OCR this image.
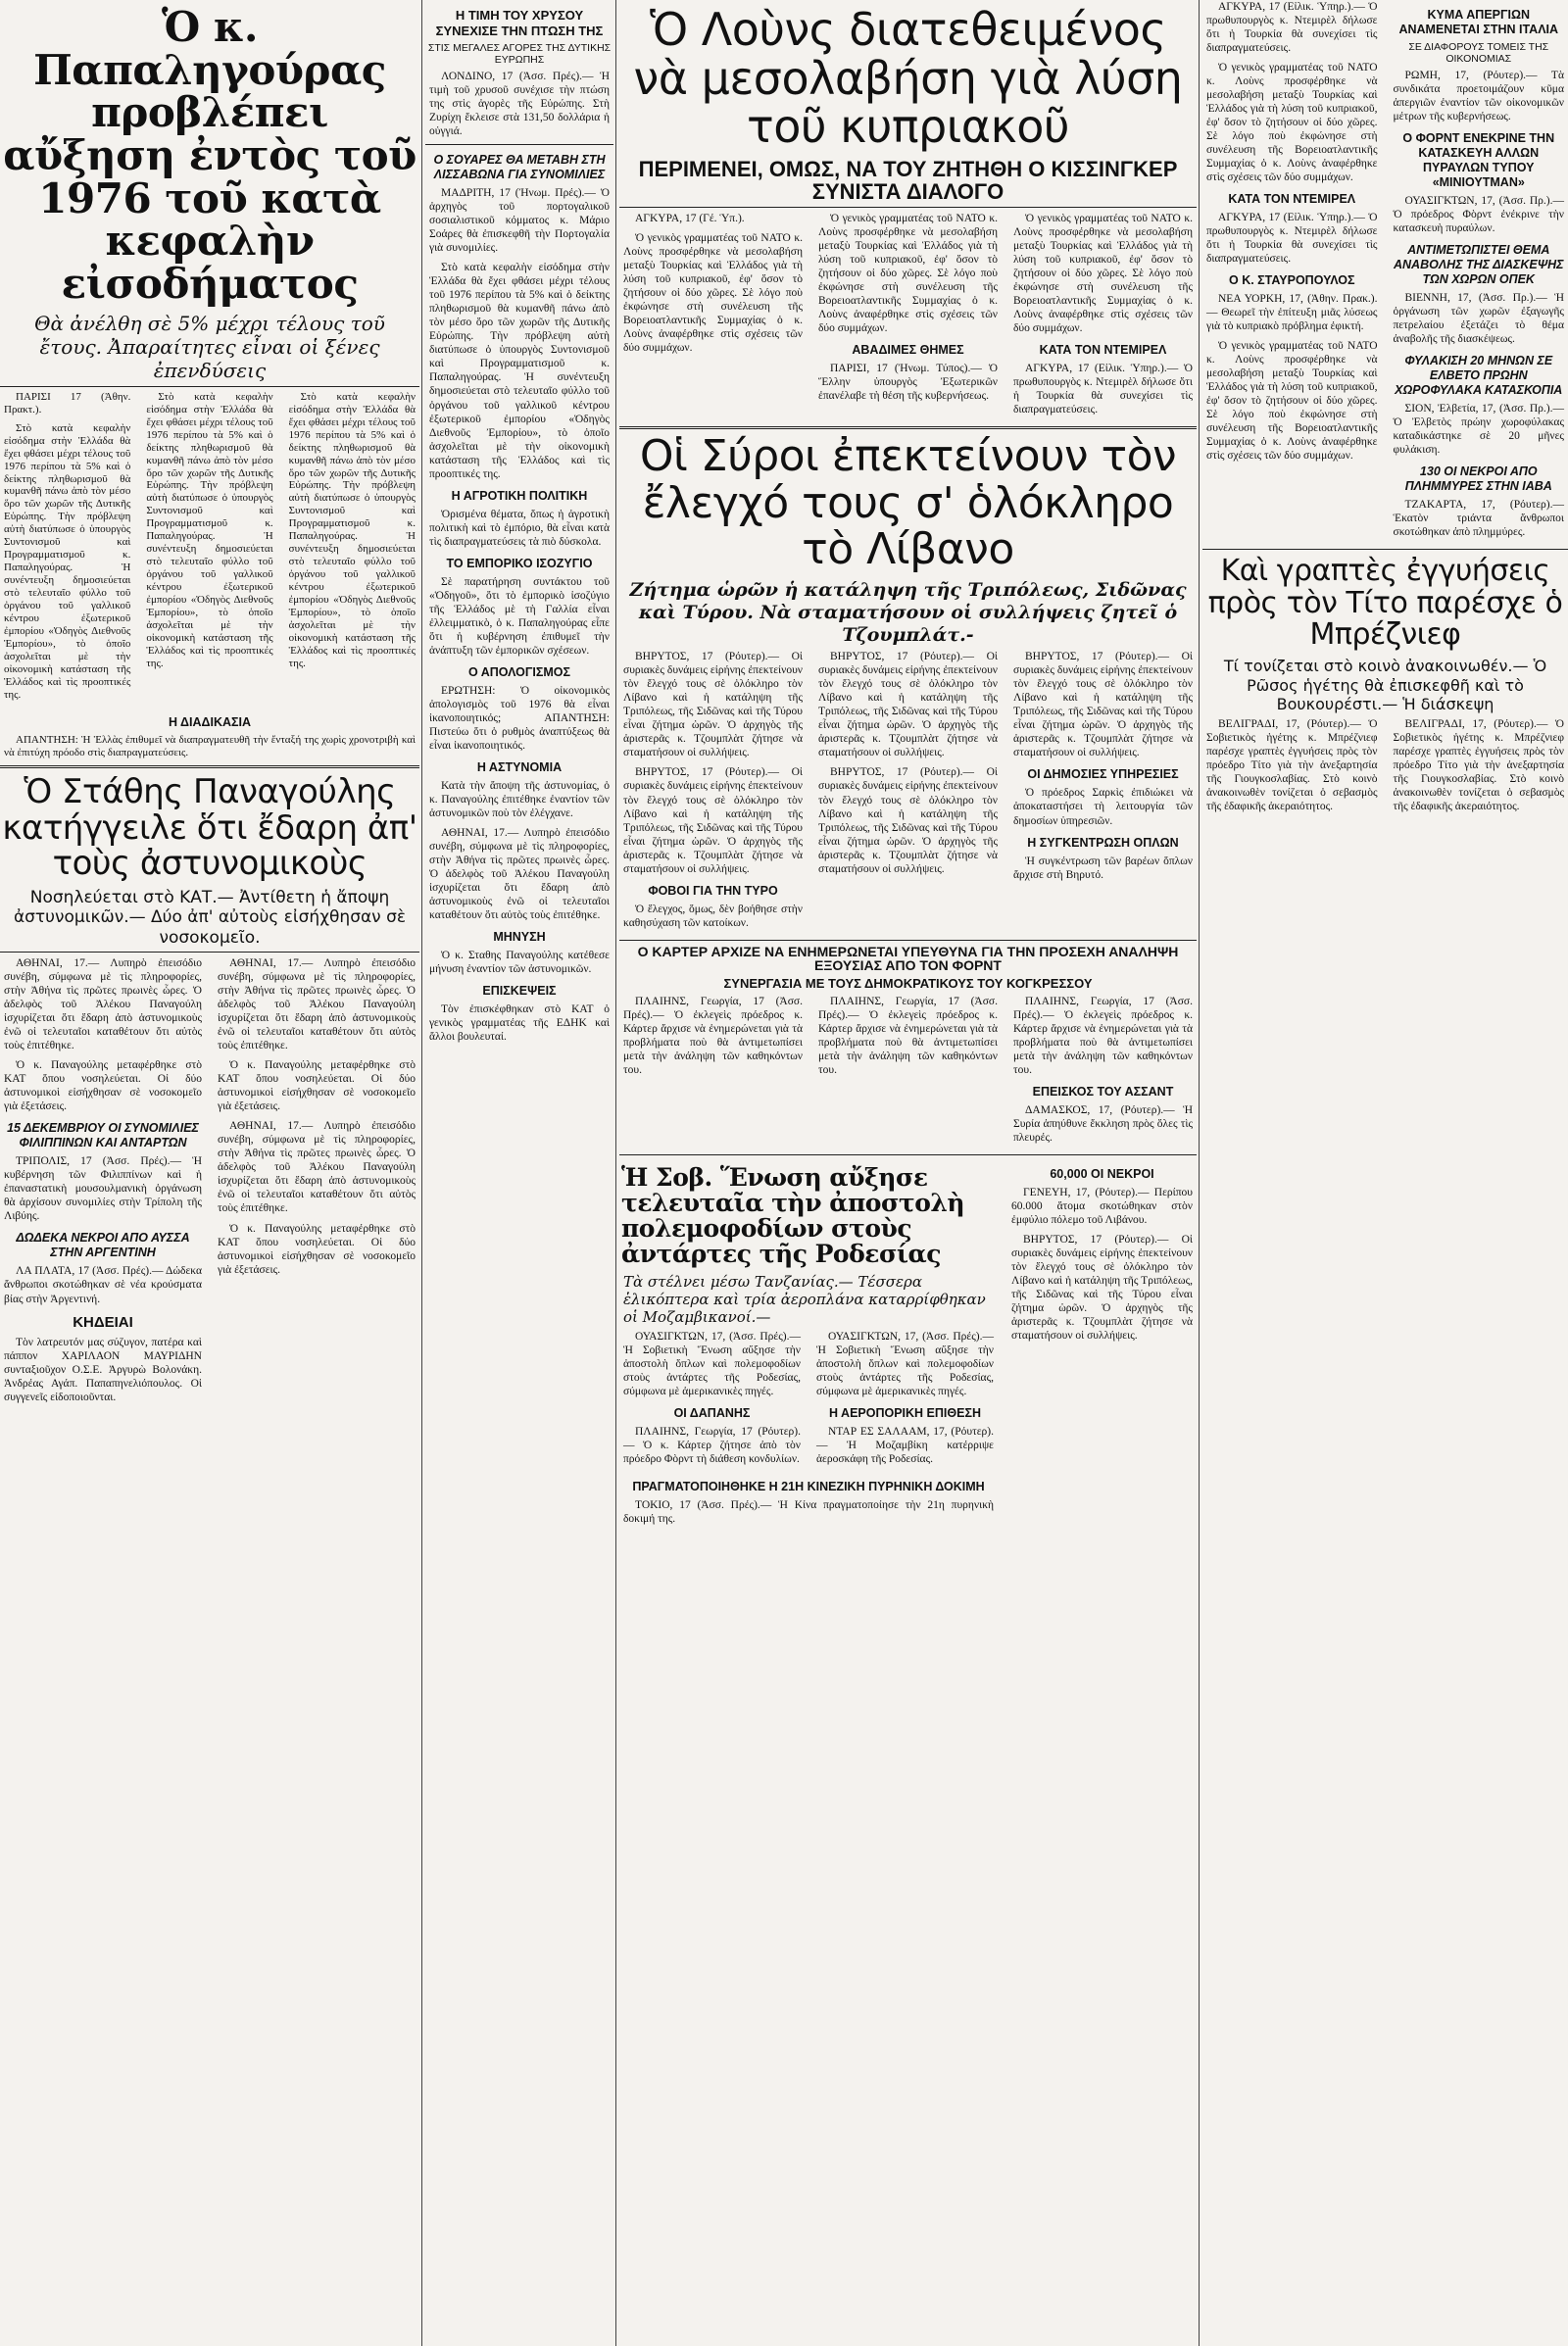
Ὁ κ. Παπαληγούρας προβλέπει αὔξηση ἐντὸς τοῦ 1976 τοῦ κατὰ κεφαλὴν εἰσοδήματος
Θὰ ἀνέλθη σὲ 5% μέχρι τέλους τοῦ ἔτους. Ἀπαραίτητες εἶναι οἱ ξένες ἐπενδύσεις

ΠΑΡΙΣΙ 17 (Ἀθην. Πρακτ.).

Στὸ κατὰ κεφαλὴν εἰσόδημα στὴν Ἑλλάδα θὰ ἔχει φθάσει μέχρι τέλους τοῦ 1976 περίπου τὰ 5% καὶ ὁ δείκτης πληθωρισμοῦ θὰ κυμανθῆ πάνω ἀπὸ τὸν μέσο ὅρο τῶν χωρῶν τῆς Δυτικῆς Εὐρώπης. Τὴν πρόβλεψη αὐτὴ διατύπωσε ὁ ὑπουργὸς Συντονισμοῦ καὶ Προγραμματισμοῦ κ. Παπαληγούρας. Ἡ συνέντευξη δημοσιεύεται στὸ τελευταῖο φύλλο τοῦ ὀργάνου τοῦ γαλλικοῦ κέντρου ἐξωτερικοῦ ἐμπορίου «Ὁδηγὸς Διεθνοῦς Ἐμπορίου», τὸ ὁποῖο ἀσχολεῖται μὲ τὴν οἰκονομικὴ κατάσταση τῆς Ἑλλάδος καὶ τὶς προοπτικές της.

Στὸ κατὰ κεφαλὴν εἰσόδημα στὴν Ἑλλάδα θὰ ἔχει φθάσει μέχρι τέλους τοῦ 1976 περίπου τὰ 5% καὶ ὁ δείκτης πληθωρισμοῦ θὰ κυμανθῆ πάνω ἀπὸ τὸν μέσο ὅρο τῶν χωρῶν τῆς Δυτικῆς Εὐρώπης. Τὴν πρόβλεψη αὐτὴ διατύπωσε ὁ ὑπουργὸς Συντονισμοῦ καὶ Προγραμματισμοῦ κ. Παπαληγούρας. Ἡ συνέντευξη δημοσιεύεται στὸ τελευταῖο φύλλο τοῦ ὀργάνου τοῦ γαλλικοῦ κέντρου ἐξωτερικοῦ ἐμπορίου «Ὁδηγὸς Διεθνοῦς Ἐμπορίου», τὸ ὁποῖο ἀσχολεῖται μὲ τὴν οἰκονομικὴ κατάσταση τῆς Ἑλλάδος καὶ τὶς προοπτικές της.

Στὸ κατὰ κεφαλὴν εἰσόδημα στὴν Ἑλλάδα θὰ ἔχει φθάσει μέχρι τέλους τοῦ 1976 περίπου τὰ 5% καὶ ὁ δείκτης πληθωρισμοῦ θὰ κυμανθῆ πάνω ἀπὸ τὸν μέσο ὅρο τῶν χωρῶν τῆς Δυτικῆς Εὐρώπης. Τὴν πρόβλεψη αὐτὴ διατύπωσε ὁ ὑπουργὸς Συντονισμοῦ καὶ Προγραμματισμοῦ κ. Παπαληγούρας. Ἡ συνέντευξη δημοσιεύεται στὸ τελευταῖο φύλλο τοῦ ὀργάνου τοῦ γαλλικοῦ κέντρου ἐξωτερικοῦ ἐμπορίου «Ὁδηγὸς Διεθνοῦς Ἐμπορίου», τὸ ὁποῖο ἀσχολεῖται μὲ τὴν οἰκονομικὴ κατάσταση τῆς Ἑλλάδος καὶ τὶς προοπτικές της.

Η ΔΙΑΔΙΚΑΣΙΑ

ΑΠΑΝΤΗΣΗ: Ἡ Ἑλλὰς ἐπιθυμεῖ νὰ διαπραγματευθῆ τὴν ἔνταξή της χωρὶς χρονοτριβὴ καὶ νὰ ἐπιτύχη πρόοδο στὶς διαπραγματεύσεις.

Ὁ Στάθης Παναγούλης κατήγγειλε ὅτι ἔδαρη ἀπ' τοὺς ἀστυνομικοὺς
Νοσηλεύεται στὸ ΚΑΤ.— Ἀντίθετη ἡ ἄποψη ἀστυνομικῶν.— Δύο ἀπ' αὐτοὺς εἰσήχθησαν σὲ νοσοκομεῖο.

ΑΘΗΝΑΙ, 17.— Λυπηρὸ ἐπεισόδιο συνέβη, σύμφωνα μὲ τὶς πληροφορίες, στὴν Ἀθήνα τὶς πρῶτες πρωινὲς ὧρες. Ὁ ἀδελφὸς τοῦ Ἀλέκου Παναγούλη ἰσχυρίζεται ὅτι ἔδαρη ἀπὸ ἀστυνομικοὺς ἐνῶ οἱ τελευταῖοι καταθέτουν ὅτι αὐτὸς τοὺς ἐπιτέθηκε.

Ὁ κ. Παναγούλης μεταφέρθηκε στὸ ΚΑΤ ὅπου νοσηλεύεται. Οἱ δύο ἀστυνομικοὶ εἰσήχθησαν σὲ νοσοκομεῖο γιὰ ἐξετάσεις.

15 ΔΕΚΕΜΒΡΙΟΥ ΟΙ ΣΥΝΟΜΙΛΙΕΣ ΦΙΛΙΠΠΙΝΩΝ ΚΑΙ ΑΝΤΑΡΤΩΝ

ΤΡΙΠΟΛΙΣ, 17 (Ἀσσ. Πρές).— Ἡ κυβέρνηση τῶν Φιλιππίνων καὶ ἡ ἐπαναστατικὴ μουσουλμανικὴ ὀργάνωση θὰ ἀρχίσουν συνομιλίες στὴν Τρίπολη τῆς Λιβύης.

ΔΩΔΕΚΑ ΝΕΚΡΟΙ ΑΠΟ ΑΥΣΣΑ ΣΤΗΝ ΑΡΓΕΝΤΙΝΗ

ΛΑ ΠΛΑΤΑ, 17 (Ἀσσ. Πρές).— Δώδεκα ἄνθρωποι σκοτώθηκαν σὲ νέα κρούσματα βίας στὴν Ἀργεντινή.

ΚΗΔΕΙΑΙ

Τὸν λατρευτόν μας σύζυγον, πατέρα καὶ πάππον ΧΑΡΙΛΑΟΝ ΜΑΥΡΙΔΗΝ συνταξιοῦχον Ο.Σ.Ε. Ἀργυρὼ Βολονάκη. Ἀνδρέας Αγάπ. Παπαπηνελιόπουλος. Οἱ συγγενεῖς εἰδοποιοῦνται.

ΑΘΗΝΑΙ, 17.— Λυπηρὸ ἐπεισόδιο συνέβη, σύμφωνα μὲ τὶς πληροφορίες, στὴν Ἀθήνα τὶς πρῶτες πρωινὲς ὧρες. Ὁ ἀδελφὸς τοῦ Ἀλέκου Παναγούλη ἰσχυρίζεται ὅτι ἔδαρη ἀπὸ ἀστυνομικοὺς ἐνῶ οἱ τελευταῖοι καταθέτουν ὅτι αὐτὸς τοὺς ἐπιτέθηκε.

Ὁ κ. Παναγούλης μεταφέρθηκε στὸ ΚΑΤ ὅπου νοσηλεύεται. Οἱ δύο ἀστυνομικοὶ εἰσήχθησαν σὲ νοσοκομεῖο γιὰ ἐξετάσεις.

ΑΘΗΝΑΙ, 17.— Λυπηρὸ ἐπεισόδιο συνέβη, σύμφωνα μὲ τὶς πληροφορίες, στὴν Ἀθήνα τὶς πρῶτες πρωινὲς ὧρες. Ὁ ἀδελφὸς τοῦ Ἀλέκου Παναγούλη ἰσχυρίζεται ὅτι ἔδαρη ἀπὸ ἀστυνομικοὺς ἐνῶ οἱ τελευταῖοι καταθέτουν ὅτι αὐτὸς τοὺς ἐπιτέθηκε.

Ὁ κ. Παναγούλης μεταφέρθηκε στὸ ΚΑΤ ὅπου νοσηλεύεται. Οἱ δύο ἀστυνομικοὶ εἰσήχθησαν σὲ νοσοκομεῖο γιὰ ἐξετάσεις.

Η ΤΙΜΗ ΤΟΥ ΧΡΥΣΟΥ ΣΥΝΕΧΙΣΕ ΤΗΝ ΠΤΩΣΗ ΤΗΣ
ΣΤΙΣ ΜΕΓΑΛΕΣ ΑΓΟΡΕΣ ΤΗΣ ΔΥΤΙΚΗΣ ΕΥΡΩΠΗΣ

ΛΟΝΔΙΝΟ, 17 (Ἀσσ. Πρές).— Ἡ τιμὴ τοῦ χρυσοῦ συνέχισε τὴν πτώση της στὶς ἀγορὲς τῆς Εὐρώπης. Στὴ Ζυρίχη ἔκλεισε στὰ 131,50 δολλάρια ἡ οὐγγιά.

Ο ΣΟΥΑΡΕΣ ΘΑ ΜΕΤΑΒΗ ΣΤΗ ΛΙΣΣΑΒΩΝΑ ΓΙΑ ΣΥΝΟΜΙΛΙΕΣ

ΜΑΔΡΙΤΗ, 17 (Ἠνωμ. Πρές).— Ὁ ἀρχηγὸς τοῦ πορτογαλικοῦ σοσιαλιστικοῦ κόμματος κ. Μάριο Σοάρες θὰ ἐπισκεφθῆ τὴν Πορτογαλία γιὰ συνομιλίες.

Στὸ κατὰ κεφαλὴν εἰσόδημα στὴν Ἑλλάδα θὰ ἔχει φθάσει μέχρι τέλους τοῦ 1976 περίπου τὰ 5% καὶ ὁ δείκτης πληθωρισμοῦ θὰ κυμανθῆ πάνω ἀπὸ τὸν μέσο ὅρο τῶν χωρῶν τῆς Δυτικῆς Εὐρώπης. Τὴν πρόβλεψη αὐτὴ διατύπωσε ὁ ὑπουργὸς Συντονισμοῦ καὶ Προγραμματισμοῦ κ. Παπαληγούρας. Ἡ συνέντευξη δημοσιεύεται στὸ τελευταῖο φύλλο τοῦ ὀργάνου τοῦ γαλλικοῦ κέντρου ἐξωτερικοῦ ἐμπορίου «Ὁδηγὸς Διεθνοῦς Ἐμπορίου», τὸ ὁποῖο ἀσχολεῖται μὲ τὴν οἰκονομικὴ κατάσταση τῆς Ἑλλάδος καὶ τὶς προοπτικές της.

Η ΑΓΡΟΤΙΚΗ ΠΟΛΙΤΙΚΗ

Ὁρισμένα θέματα, ὅπως ἡ ἀγροτικὴ πολιτικὴ καὶ τὸ ἐμπόριο, θὰ εἶναι κατὰ τὶς διαπραγματεύσεις τὰ πιὸ δύσκολα.

ΤΟ ΕΜΠΟΡΙΚΟ ΙΣΟΖΥΓΙΟ

Σὲ παρατήρηση συντάκτου τοῦ «Ὁδηγοῦ», ὅτι τὸ ἐμπορικὸ ἰσοζύγιο τῆς Ἑλλάδος μὲ τὴ Γαλλία εἶναι ἐλλειμματικὸ, ὁ κ. Παπαληγούρας εἶπε ὅτι ἡ κυβέρνηση ἐπιθυμεῖ τὴν ἀνάπτυξη τῶν ἐμπορικῶν σχέσεων.

Ο ΑΠΟΛΟΓΙΣΜΟΣ

ΕΡΩΤΗΣΗ: Ὁ οἰκονομικὸς ἀπολογισμὸς τοῦ 1976 θὰ εἶναι ἱκανοποιητικός; ΑΠΑΝΤΗΣΗ: Πιστεύω ὅτι ὁ ρυθμὸς ἀναπτύξεως θὰ εἶναι ἱκανοποιητικός.

Η ΑΣΤΥΝΟΜΙΑ

Κατὰ τὴν ἄποψη τῆς ἀστυνομίας, ὁ κ. Παναγούλης ἐπιτέθηκε ἐναντίον τῶν ἀστυνομικῶν ποὺ τὸν ἐλέγχανε.

ΑΘΗΝΑΙ, 17.— Λυπηρὸ ἐπεισόδιο συνέβη, σύμφωνα μὲ τὶς πληροφορίες, στὴν Ἀθήνα τὶς πρῶτες πρωινὲς ὧρες. Ὁ ἀδελφὸς τοῦ Ἀλέκου Παναγούλη ἰσχυρίζεται ὅτι ἔδαρη ἀπὸ ἀστυνομικοὺς ἐνῶ οἱ τελευταῖοι καταθέτουν ὅτι αὐτὸς τοὺς ἐπιτέθηκε.

ΜΗΝΥΣΗ

Ὁ κ. Σταθης Παναγούλης κατέθεσε μήνυση ἐναντίον τῶν ἀστυνομικῶν.

ΕΠΙΣΚΕΨΕΙΣ

Τὸν ἐπισκέφθηκαν στὸ ΚΑΤ ὁ γενικὸς γραμματέας τῆς ΕΔΗΚ καὶ ἄλλοι βουλευταί.

Ὁ Λοὺνς διατεθειμένος νὰ μεσολαβήση γιὰ λύση τοῦ κυπριακοῦ
ΠΕΡΙΜΕΝΕΙ, ΟΜΩΣ, ΝΑ ΤΟΥ ΖΗΤΗΘΗ Ο ΚΙΣΣΙΝΓΚΕΡ ΣΥΝΙΣΤΑ ΔΙΑΛΟΓΟ

ΑΓΚΥΡΑ, 17 (Γέ. Ὑπ.).

Ὁ γενικὸς γραμματέας τοῦ ΝΑΤΟ κ. Λοὺνς προσφέρθηκε νὰ μεσολαβήση μεταξὺ Τουρκίας καὶ Ἑλλάδος γιὰ τὴ λύση τοῦ κυπριακοῦ, ἐφ' ὅσον τὸ ζητήσουν οἱ δύο χῶρες. Σὲ λόγο ποὺ ἐκφώνησε στὴ συνέλευση τῆς Βορειοατλαντικῆς Συμμαχίας ὁ κ. Λοὺνς ἀναφέρθηκε στὶς σχέσεις τῶν δύο συμμάχων.

Ὁ γενικὸς γραμματέας τοῦ ΝΑΤΟ κ. Λοὺνς προσφέρθηκε νὰ μεσολαβήση μεταξὺ Τουρκίας καὶ Ἑλλάδος γιὰ τὴ λύση τοῦ κυπριακοῦ, ἐφ' ὅσον τὸ ζητήσουν οἱ δύο χῶρες. Σὲ λόγο ποὺ ἐκφώνησε στὴ συνέλευση τῆς Βορειοατλαντικῆς Συμμαχίας ὁ κ. Λοὺνς ἀναφέρθηκε στὶς σχέσεις τῶν δύο συμμάχων.

ΑΒΑΔΙΜΕΣ ΘΗΜΕΣ

ΠΑΡΙΣΙ, 17 (Ἠνωμ. Τύπος).— Ὁ Ἕλλην ὑπουργὸς Ἐξωτερικῶν ἐπανέλαβε τὴ θέση τῆς κυβερνήσεως.

Ὁ γενικὸς γραμματέας τοῦ ΝΑΤΟ κ. Λοὺνς προσφέρθηκε νὰ μεσολαβήση μεταξὺ Τουρκίας καὶ Ἑλλάδος γιὰ τὴ λύση τοῦ κυπριακοῦ, ἐφ' ὅσον τὸ ζητήσουν οἱ δύο χῶρες. Σὲ λόγο ποὺ ἐκφώνησε στὴ συνέλευση τῆς Βορειοατλαντικῆς Συμμαχίας ὁ κ. Λοὺνς ἀναφέρθηκε στὶς σχέσεις τῶν δύο συμμάχων.

ΚΑΤΑ ΤΟΝ ΝΤΕΜΙΡΕΛ

ΑΓΚΥΡΑ, 17 (Εἰλικ. Ὑπηρ.).— Ὁ πρωθυπουργὸς κ. Ντεμιρὲλ δήλωσε ὅτι ἡ Τουρκία θὰ συνεχίσει τὶς διαπραγματεύσεις.

Οἱ Σύροι ἐπεκτείνουν τὸν ἔλεγχό τους σ' ὁλόκληρο τὸ Λίβανο
Ζήτημα ὡρῶν ἡ κατάληψη τῆς Τριπόλεως, Σιδῶνας καὶ Τύρου. Νὰ σταματήσουν οἱ συλλήψεις ζητεῖ ὁ Τζουμπλάτ.-

ΒΗΡΥΤΟΣ, 17 (Ρόυτερ).— Οἱ συριακὲς δυνάμεις εἰρήνης ἐπεκτείνουν τὸν ἔλεγχό τους σὲ ὁλόκληρο τὸν Λίβανο καὶ ἡ κατάληψη τῆς Τριπόλεως, τῆς Σιδῶνας καὶ τῆς Τύρου εἶναι ζήτημα ὡρῶν. Ὁ ἀρχηγὸς τῆς ἀριστερᾶς κ. Τζουμπλὰτ ζήτησε νὰ σταματήσουν οἱ συλλήψεις.

ΒΗΡΥΤΟΣ, 17 (Ρόυτερ).— Οἱ συριακὲς δυνάμεις εἰρήνης ἐπεκτείνουν τὸν ἔλεγχό τους σὲ ὁλόκληρο τὸν Λίβανο καὶ ἡ κατάληψη τῆς Τριπόλεως, τῆς Σιδῶνας καὶ τῆς Τύρου εἶναι ζήτημα ὡρῶν. Ὁ ἀρχηγὸς τῆς ἀριστερᾶς κ. Τζουμπλὰτ ζήτησε νὰ σταματήσουν οἱ συλλήψεις.

ΦΟΒΟΙ ΓΙΑ ΤΗΝ ΤΥΡΟ

Ὁ ἔλεγχος, ὅμως, δὲν βοήθησε στὴν καθησύχαση τῶν κατοίκων.

ΒΗΡΥΤΟΣ, 17 (Ρόυτερ).— Οἱ συριακὲς δυνάμεις εἰρήνης ἐπεκτείνουν τὸν ἔλεγχό τους σὲ ὁλόκληρο τὸν Λίβανο καὶ ἡ κατάληψη τῆς Τριπόλεως, τῆς Σιδῶνας καὶ τῆς Τύρου εἶναι ζήτημα ὡρῶν. Ὁ ἀρχηγὸς τῆς ἀριστερᾶς κ. Τζουμπλὰτ ζήτησε νὰ σταματήσουν οἱ συλλήψεις.

ΒΗΡΥΤΟΣ, 17 (Ρόυτερ).— Οἱ συριακὲς δυνάμεις εἰρήνης ἐπεκτείνουν τὸν ἔλεγχό τους σὲ ὁλόκληρο τὸν Λίβανο καὶ ἡ κατάληψη τῆς Τριπόλεως, τῆς Σιδῶνας καὶ τῆς Τύρου εἶναι ζήτημα ὡρῶν. Ὁ ἀρχηγὸς τῆς ἀριστερᾶς κ. Τζουμπλὰτ ζήτησε νὰ σταματήσουν οἱ συλλήψεις.

ΒΗΡΥΤΟΣ, 17 (Ρόυτερ).— Οἱ συριακὲς δυνάμεις εἰρήνης ἐπεκτείνουν τὸν ἔλεγχό τους σὲ ὁλόκληρο τὸν Λίβανο καὶ ἡ κατάληψη τῆς Τριπόλεως, τῆς Σιδῶνας καὶ τῆς Τύρου εἶναι ζήτημα ὡρῶν. Ὁ ἀρχηγὸς τῆς ἀριστερᾶς κ. Τζουμπλὰτ ζήτησε νὰ σταματήσουν οἱ συλλήψεις.

ΟΙ ΔΗΜΟΣΙΕΣ ΥΠΗΡΕΣΙΕΣ

Ὁ πρόεδρος Σαρκὶς ἐπιδιώκει νὰ ἀποκαταστήσει τὴ λειτουργία τῶν δημοσίων ὑπηρεσιῶν.

Η ΣΥΓΚΕΝΤΡΩΣΗ ΟΠΛΩΝ

Ἡ συγκέντρωση τῶν βαρέων ὅπλων ἄρχισε στὴ Βηρυτό.

Ο ΚΑΡΤΕΡ ΑΡΧΙΖΕ ΝΑ ΕΝΗΜΕΡΩΝΕΤΑΙ ΥΠΕΥΘΥΝΑ ΓΙΑ ΤΗΝ ΠΡΟΣΕΧΗ ΑΝΑΛΗΨΗ ΕΞΟΥΣΙΑΣ ΑΠΟ ΤΟΝ ΦΟΡΝΤ
ΣΥΝΕΡΓΑΣΙΑ ΜΕ ΤΟΥΣ ΔΗΜΟΚΡΑΤΙΚΟΥΣ ΤΟΥ ΚΟΓΚΡΕΣΣΟΥ

ΠΛΑΙΗΝΣ, Γεωργία, 17 (Ἀσσ. Πρές).— Ὁ ἐκλεγεὶς πρόεδρος κ. Κάρτερ ἄρχισε νὰ ἐνημερώνεται γιὰ τὰ προβλήματα ποὺ θὰ ἀντιμετωπίσει μετὰ τὴν ἀνάληψη τῶν καθηκόντων του.

ΠΛΑΙΗΝΣ, Γεωργία, 17 (Ἀσσ. Πρές).— Ὁ ἐκλεγεὶς πρόεδρος κ. Κάρτερ ἄρχισε νὰ ἐνημερώνεται γιὰ τὰ προβλήματα ποὺ θὰ ἀντιμετωπίσει μετὰ τὴν ἀνάληψη τῶν καθηκόντων του.

ΠΛΑΙΗΝΣ, Γεωργία, 17 (Ἀσσ. Πρές).— Ὁ ἐκλεγεὶς πρόεδρος κ. Κάρτερ ἄρχισε νὰ ἐνημερώνεται γιὰ τὰ προβλήματα ποὺ θὰ ἀντιμετωπίσει μετὰ τὴν ἀνάληψη τῶν καθηκόντων του.

ΕΠΕΙΣΚΟΣ ΤΟΥ ΑΣΣΑΝΤ

ΔΑΜΑΣΚΟΣ, 17, (Ρόυτερ).— Ἡ Συρία ἀπηύθυνε ἔκκληση πρὸς ὅλες τὶς πλευρές.

Ἡ Σοβ. Ἕνωση αὔξησε τελευταῖα τὴν ἀποστολὴ πολεμοφοδίων στοὺς ἀντάρτες τῆς Ροδεσίας
Τὰ στέλνει μέσω Τανζανίας.— Τέσσερα ἑλικόπτερα καὶ τρία ἀεροπλάνα καταρρίφθηκαν οἱ Μοζαμβικανοί.—

ΟΥΑΣΙΓΚΤΩΝ, 17, (Ἀσσ. Πρές).— Ἡ Σοβιετικὴ Ἕνωση αὔξησε τὴν ἀποστολὴ ὅπλων καὶ πολεμοφοδίων στοὺς ἀντάρτες τῆς Ροδεσίας, σύμφωνα μὲ ἀμερικανικὲς πηγές.

ΟΙ ΔΑΠΑΝΗΣ

ΠΛΑΙΗΝΣ, Γεωργία, 17 (Ρόυτερ).— Ὁ κ. Κάρτερ ζήτησε ἀπὸ τὸν πρόεδρο Φὸρντ τὴ διάθεση κονδυλίων.

ΟΥΑΣΙΓΚΤΩΝ, 17, (Ἀσσ. Πρές).— Ἡ Σοβιετικὴ Ἕνωση αὔξησε τὴν ἀποστολὴ ὅπλων καὶ πολεμοφοδίων στοὺς ἀντάρτες τῆς Ροδεσίας, σύμφωνα μὲ ἀμερικανικὲς πηγές.

Η ΑΕΡΟΠΟΡΙΚΗ ΕΠΙΘΕΣΗ

ΝΤΑΡ ΕΣ ΣΑΛΑΑΜ, 17, (Ρόυτερ).— Ἡ Μοζαμβίκη κατέρριψε ἀεροσκάφη τῆς Ροδεσίας.

ΠΡΑΓΜΑΤΟΠΟΙΗΘΗΚΕ Η 21Η ΚΙΝΕΖΙΚΗ ΠΥΡΗΝΙΚΗ ΔΟΚΙΜΗ

ΤΟΚΙΟ, 17 (Ἀσσ. Πρές).— Ἡ Κίνα πραγματοποίησε τὴν 21η πυρηνικὴ δοκιμή της.

60,000 ΟΙ ΝΕΚΡΟΙ

ΓΕΝΕΥΗ, 17, (Ρόυτερ).— Περίπου 60.000 ἄτομα σκοτώθηκαν στὸν ἐμφύλιο πόλεμο τοῦ Λιβάνου.

ΒΗΡΥΤΟΣ, 17 (Ρόυτερ).— Οἱ συριακὲς δυνάμεις εἰρήνης ἐπεκτείνουν τὸν ἔλεγχό τους σὲ ὁλόκληρο τὸν Λίβανο καὶ ἡ κατάληψη τῆς Τριπόλεως, τῆς Σιδῶνας καὶ τῆς Τύρου εἶναι ζήτημα ὡρῶν. Ὁ ἀρχηγὸς τῆς ἀριστερᾶς κ. Τζουμπλὰτ ζήτησε νὰ σταματήσουν οἱ συλλήψεις.

ΑΓΚΥΡΑ, 17 (Εἰλικ. Ὑπηρ.).— Ὁ πρωθυπουργὸς κ. Ντεμιρὲλ δήλωσε ὅτι ἡ Τουρκία θὰ συνεχίσει τὶς διαπραγματεύσεις.

Ὁ γενικὸς γραμματέας τοῦ ΝΑΤΟ κ. Λοὺνς προσφέρθηκε νὰ μεσολαβήση μεταξὺ Τουρκίας καὶ Ἑλλάδος γιὰ τὴ λύση τοῦ κυπριακοῦ, ἐφ' ὅσον τὸ ζητήσουν οἱ δύο χῶρες. Σὲ λόγο ποὺ ἐκφώνησε στὴ συνέλευση τῆς Βορειοατλαντικῆς Συμμαχίας ὁ κ. Λοὺνς ἀναφέρθηκε στὶς σχέσεις τῶν δύο συμμάχων.

ΚΑΤΑ ΤΟΝ ΝΤΕΜΙΡΕΛ

ΑΓΚΥΡΑ, 17 (Εἰλικ. Ὑπηρ.).— Ὁ πρωθυπουργὸς κ. Ντεμιρὲλ δήλωσε ὅτι ἡ Τουρκία θὰ συνεχίσει τὶς διαπραγματεύσεις.

Ο Κ. ΣΤΑΥΡΟΠΟΥΛΟΣ

ΝΕΑ ΥΟΡΚΗ, 17, (Ἀθην. Πρακ.).— Θεωρεῖ τὴν ἐπίτευξη μιᾶς λύσεως γιὰ τὸ κυπριακὸ πρόβλημα ἐφικτή.

Ὁ γενικὸς γραμματέας τοῦ ΝΑΤΟ κ. Λοὺνς προσφέρθηκε νὰ μεσολαβήση μεταξὺ Τουρκίας καὶ Ἑλλάδος γιὰ τὴ λύση τοῦ κυπριακοῦ, ἐφ' ὅσον τὸ ζητήσουν οἱ δύο χῶρες. Σὲ λόγο ποὺ ἐκφώνησε στὴ συνέλευση τῆς Βορειοατλαντικῆς Συμμαχίας ὁ κ. Λοὺνς ἀναφέρθηκε στὶς σχέσεις τῶν δύο συμμάχων.

ΚΥΜΑ ΑΠΕΡΓΙΩΝ ΑΝΑΜΕΝΕΤΑΙ ΣΤΗΝ ΙΤΑΛΙΑ
ΣΕ ΔΙΑΦΟΡΟΥΣ ΤΟΜΕΙΣ ΤΗΣ ΟΙΚΟΝΟΜΙΑΣ

ΡΩΜΗ, 17, (Ρόυτερ).— Τὰ συνδικάτα προετοιμάζουν κῦμα ἀπεργιῶν ἐναντίον τῶν οἰκονομικῶν μέτρων τῆς κυβερνήσεως.

Ο ΦΟΡΝΤ ΕΝΕΚΡΙΝΕ ΤΗΝ ΚΑΤΑΣΚΕΥΗ ΑΛΛΩΝ ΠΥΡΑΥΛΩΝ ΤΥΠΟΥ «ΜΙΝΙΟΥΤΜΑΝ»

ΟΥΑΣΙΓΚΤΩΝ, 17, (Ἀσσ. Πρ.).— Ὁ πρόεδρος Φὸρντ ἐνέκρινε τὴν κατασκευὴ πυραύλων.

ΑΝΤΙΜΕΤΩΠΙΣΤΕΙ ΘΕΜΑ ΑΝΑΒΟΛΗΣ ΤΗΣ ΔΙΑΣΚΕΨΗΣ ΤΩΝ ΧΩΡΩΝ ΟΠΕΚ

ΒΙΕΝΝΗ, 17, (Ἀσσ. Πρ.).— Ἡ ὀργάνωση τῶν χωρῶν ἐξαγωγῆς πετρελαίου ἐξετάζει τὸ θέμα ἀναβολῆς τῆς διασκέψεως.

ΦΥΛΑΚΙΣΗ 20 ΜΗΝΩΝ ΣΕ ΕΛΒΕΤΟ ΠΡΩΗΝ ΧΩΡΟΦΥΛΑΚΑ ΚΑΤΑΣΚΟΠΙΑ

ΣΙΟΝ, Ἐλβετία, 17, (Ἀσσ. Πρ.).— Ὁ Ἐλβετὸς πρώην χωροφύλακας καταδικάστηκε σὲ 20 μῆνες φυλάκιση.

130 ΟΙ ΝΕΚΡΟΙ ΑΠΟ ΠΛΗΜΜΥΡΕΣ ΣΤΗΝ ΙΑΒΑ

ΤΖΑΚΑΡΤΑ, 17, (Ρόυτερ).— Ἑκατὸν τριάντα ἄνθρωποι σκοτώθηκαν ἀπὸ πλημμύρες.

Καὶ γραπτὲς ἐγγυήσεις πρὸς τὸν Τίτο παρέσχε ὁ Μπρέζνιεφ
Τί τονίζεται στὸ κοινὸ ἀνακοινωθέν.— Ὁ Ρῶσος ἡγέτης θὰ ἐπισκεφθῆ καὶ τὸ Βουκουρέστι.— Ἡ διάσκεψη

ΒΕΛΙΓΡΑΔΙ, 17, (Ρόυτερ).— Ὁ Σοβιετικὸς ἡγέτης κ. Μπρέζνιεφ παρέσχε γραπτὲς ἐγγυήσεις πρὸς τὸν πρόεδρο Τίτο γιὰ τὴν ἀνεξαρτησία τῆς Γιουγκοσλαβίας. Στὸ κοινὸ ἀνακοινωθὲν τονίζεται ὁ σεβασμὸς τῆς ἐδαφικῆς ἀκεραιότητος.

ΒΕΛΙΓΡΑΔΙ, 17, (Ρόυτερ).— Ὁ Σοβιετικὸς ἡγέτης κ. Μπρέζνιεφ παρέσχε γραπτὲς ἐγγυήσεις πρὸς τὸν πρόεδρο Τίτο γιὰ τὴν ἀνεξαρτησία τῆς Γιουγκοσλαβίας. Στὸ κοινὸ ἀνακοινωθὲν τονίζεται ὁ σεβασμὸς τῆς ἐδαφικῆς ἀκεραιότητος.
